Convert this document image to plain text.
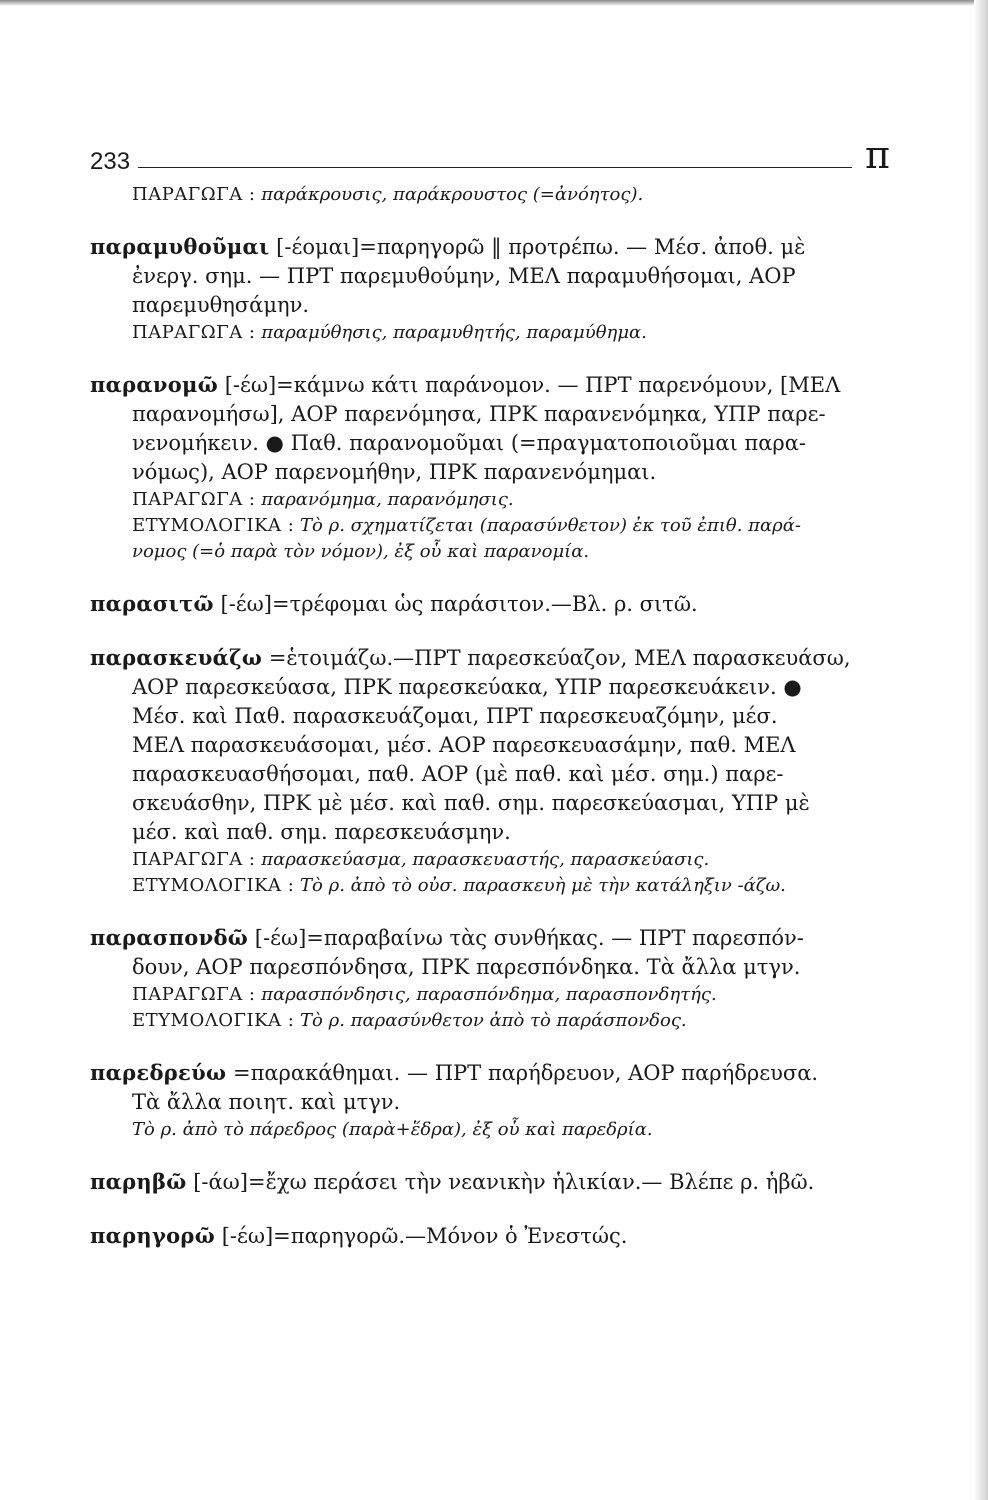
233	π
ΠΑΡΑΓΩΓΑ : παράκρουσις, παράκρουστος (=ἀνόητος).
παραμυθοῦμαι [-έομαι]=παρηγορῶ ‖ προτρέπω. — Μέσ. ἀποθ. μὲ
ἐνεργ. σημ. — ΠΡΤ παρεμυθούμην, ΜΕΛ παραμυθήσομαι, ΑΟΡ
παρεμυθησάμην.
ΠΑΡΑΓΩΓΑ : παραμύθησις, παραμυθητής, παραμύθημα.
παρανομῶ [-έω]=κάμνω κάτι παράνομον. — ΠΡΤ παρενόμουν, [ΜΕΛ
παρανομήσω], ΑΟΡ παρενόμησα, ΠΡΚ παρανενόμηκα, ΥΠΡ παρε-
νενομήκειν. ● Παθ. παρανομοῦμαι (=πραγματοποιοῦμαι παρα-
νόμως), ΑΟΡ παρενομήθην, ΠΡΚ παρανενόμημαι.
ΠΑΡΑΓΩΓΑ : παρανόμημα, παρανόμησις.
ΕΤΥΜΟΛΟΓΙΚΑ : Τὸ ρ. σχηματίζεται (παρασύνθετον) ἐκ τοῦ ἐπιθ. παρά-
νομος (=ὁ παρὰ τὸν νόμον), ἐξ οὗ καὶ παρανομία.
παρασιτῶ [-έω]=τρέφομαι ὡς παράσιτον.—Βλ. ρ. σιτῶ.
παρασκευάζω =ἑτοιμάζω.—ΠΡΤ παρεσκεύαζον, ΜΕΛ παρασκευάσω,
ΑΟΡ παρεσκεύασα, ΠΡΚ παρεσκεύακα, ΥΠΡ παρεσκευάκειν. ●
Μέσ. καὶ Παθ. παρασκευάζομαι, ΠΡΤ παρεσκευαζόμην, μέσ.
ΜΕΛ παρασκευάσομαι, μέσ. ΑΟΡ παρεσκευασάμην, παθ. ΜΕΛ
παρασκευασθήσομαι, παθ. ΑΟΡ (μὲ παθ. καὶ μέσ. σημ.) παρε-
σκευάσθην, ΠΡΚ μὲ μέσ. καὶ παθ. σημ. παρεσκεύασμαι, ΥΠΡ μὲ
μέσ. καὶ παθ. σημ. παρεσκευάσμην.
ΠΑΡΑΓΩΓΑ : παρασκεύασμα, παρασκευαστής, παρασκεύασις.
ΕΤΥΜΟΛΟΓΙΚΑ : Τὸ ρ. ἀπὸ τὸ οὐσ. παρασκευὴ μὲ τὴν κατάληξιν -άζω.
παρασπονδῶ [-έω]=παραβαίνω τὰς συνθήκας. — ΠΡΤ παρεσπόν-
δουν, ΑΟΡ παρεσπόνδησα, ΠΡΚ παρεσπόνδηκα. Τὰ ἄλλα μτγν.
ΠΑΡΑΓΩΓΑ : παρασπόνδησις, παρασπόνδημα, παρασπονδητής.
ΕΤΥΜΟΛΟΓΙΚΑ : Τὸ ρ. παρασύνθετον ἀπὸ τὸ παράσπονδος.
παρεδρεύω =παρακάθημαι. — ΠΡΤ παρήδρευον, ΑΟΡ παρήδρευσα.
Τὰ ἄλλα ποιητ. καὶ μτγν.
Τὸ ρ. ἀπὸ τὸ πάρεδρος (παρὰ+ἕδρα), ἐξ οὗ καὶ παρεδρία.
παρηβῶ [-άω]=ἔχω περάσει τὴν νεανικὴν ἡλικίαν.— Βλέπε ρ. ἡβῶ.
παρηγορῶ [-έω]=παρηγορῶ.—Μόνον ὁ Ἐνεστώς.
